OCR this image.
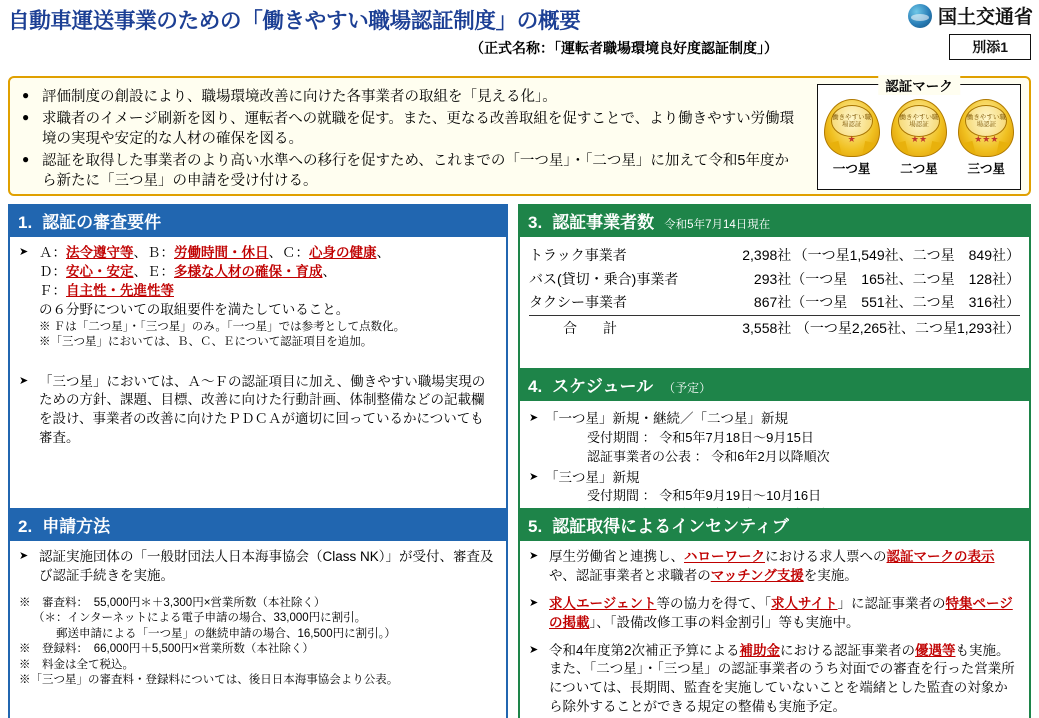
自動車運送事業のための「働きやすい職場認証制度」の概要
（正式名称：「運転者職場環境良好度認証制度」）
国土交通省
別添1
● 評価制度の創設により、職場環境改善に向けた各事業者の取組を「見える化」。
● 求職者のイメージ刷新を図り、運転者への就職を促す。また、更なる改善取組を促すことで、より働きやすい労働環境の実現や安定的な人材の確保を図る。
● 認証を取得した事業者のより高い水準への移行を促すため、これまでの「一つ星」・「二つ星」に加えて令和5年度から新たに「三つ星」の申請を受け付ける。
認証マーク
働きやすい職場認証
★
一つ星
働きやすい職場認証
★★
二つ星
働きやすい職場認証
★★★
三つ星
1. 認証の審査要件
➤ Ａ：法令遵守等、Ｂ：労働時間・休日、Ｃ：心身の健康、
Ｄ：安心・安定、Ｅ：多様な人材の確保・育成、
Ｆ：自主性・先進性等
の６分野についての取組要件を満たしていること。
※ Ｆは「二つ星」・「三つ星」のみ。「一つ星」では参考として点数化。
※「三つ星」においては、Ｂ、Ｃ、Ｅについて認証項目を追加。
➤ 「三つ星」においては、Ａ～Ｆの認証項目に加え、働きやすい職場実現のための方針、課題、目標、改善に向けた行動計画、体制整備などの記載欄を設け、事業者の改善に向けたＰＤＣＡが適切に回っているかについても審査。
2. 申請方法
➤ 認証実施団体の「一般財団法人日本海事協会（Class NK）」が受付、審査及び認証手続きを実施。
※　審査料：　55,000円＊＋3,300円×営業所数（本社除く）
（＊：インターネットによる電子申請の場合、33,000円に割引。
　　郵送申請による「一つ星」の継続申請の場合、16,500円に割引。）
※　登録料：　66,000円＋5,500円×営業所数（本社除く）
※　料金は全て税込。
※「三つ星」の審査料・登録料については、後日日本海事協会より公表。
3. 認証事業者数 令和5年7月14日現在
トラック事業者	2,398社	（一つ星1,549社、二つ星　849社）
バス(貸切・乗合)事業者	293社	（一つ星　165社、二つ星　128社）
タクシー事業者	867社	（一つ星　551社、二つ星　316社）
合　計	3,558社	（一つ星2,265社、二つ星1,293社）
4. スケジュール （予定）
➤ 「一つ星」新規・継続／「二つ星」新規
受付期間 ： 令和5年7月18日～9月15日
認証事業者の公表 ： 令和6年2月以降順次
➤ 「三つ星」新規
受付期間 ： 令和5年9月19日～10月16日
5. 認証取得によるインセンティブ
➤ 厚生労働省と連携し、ハローワークにおける求人票への認証マークの表示や、認証事業者と求職者のマッチング支援を実施。
➤ 求人エージェント等の協力を得て、「求人サイト」に認証事業者の特集ページの掲載」、「設備改修工事の料金割引」等も実施中。
➤ 令和4年度第2次補正予算による補助金における認証事業者の優遇等も実施。また、「二つ星」・「三つ星」の認証事業者のうち対面での審査を行った営業所については、長期間、監査を実施していないことを端緒とした監査の対象から除外することができる規定の整備も実施予定。
